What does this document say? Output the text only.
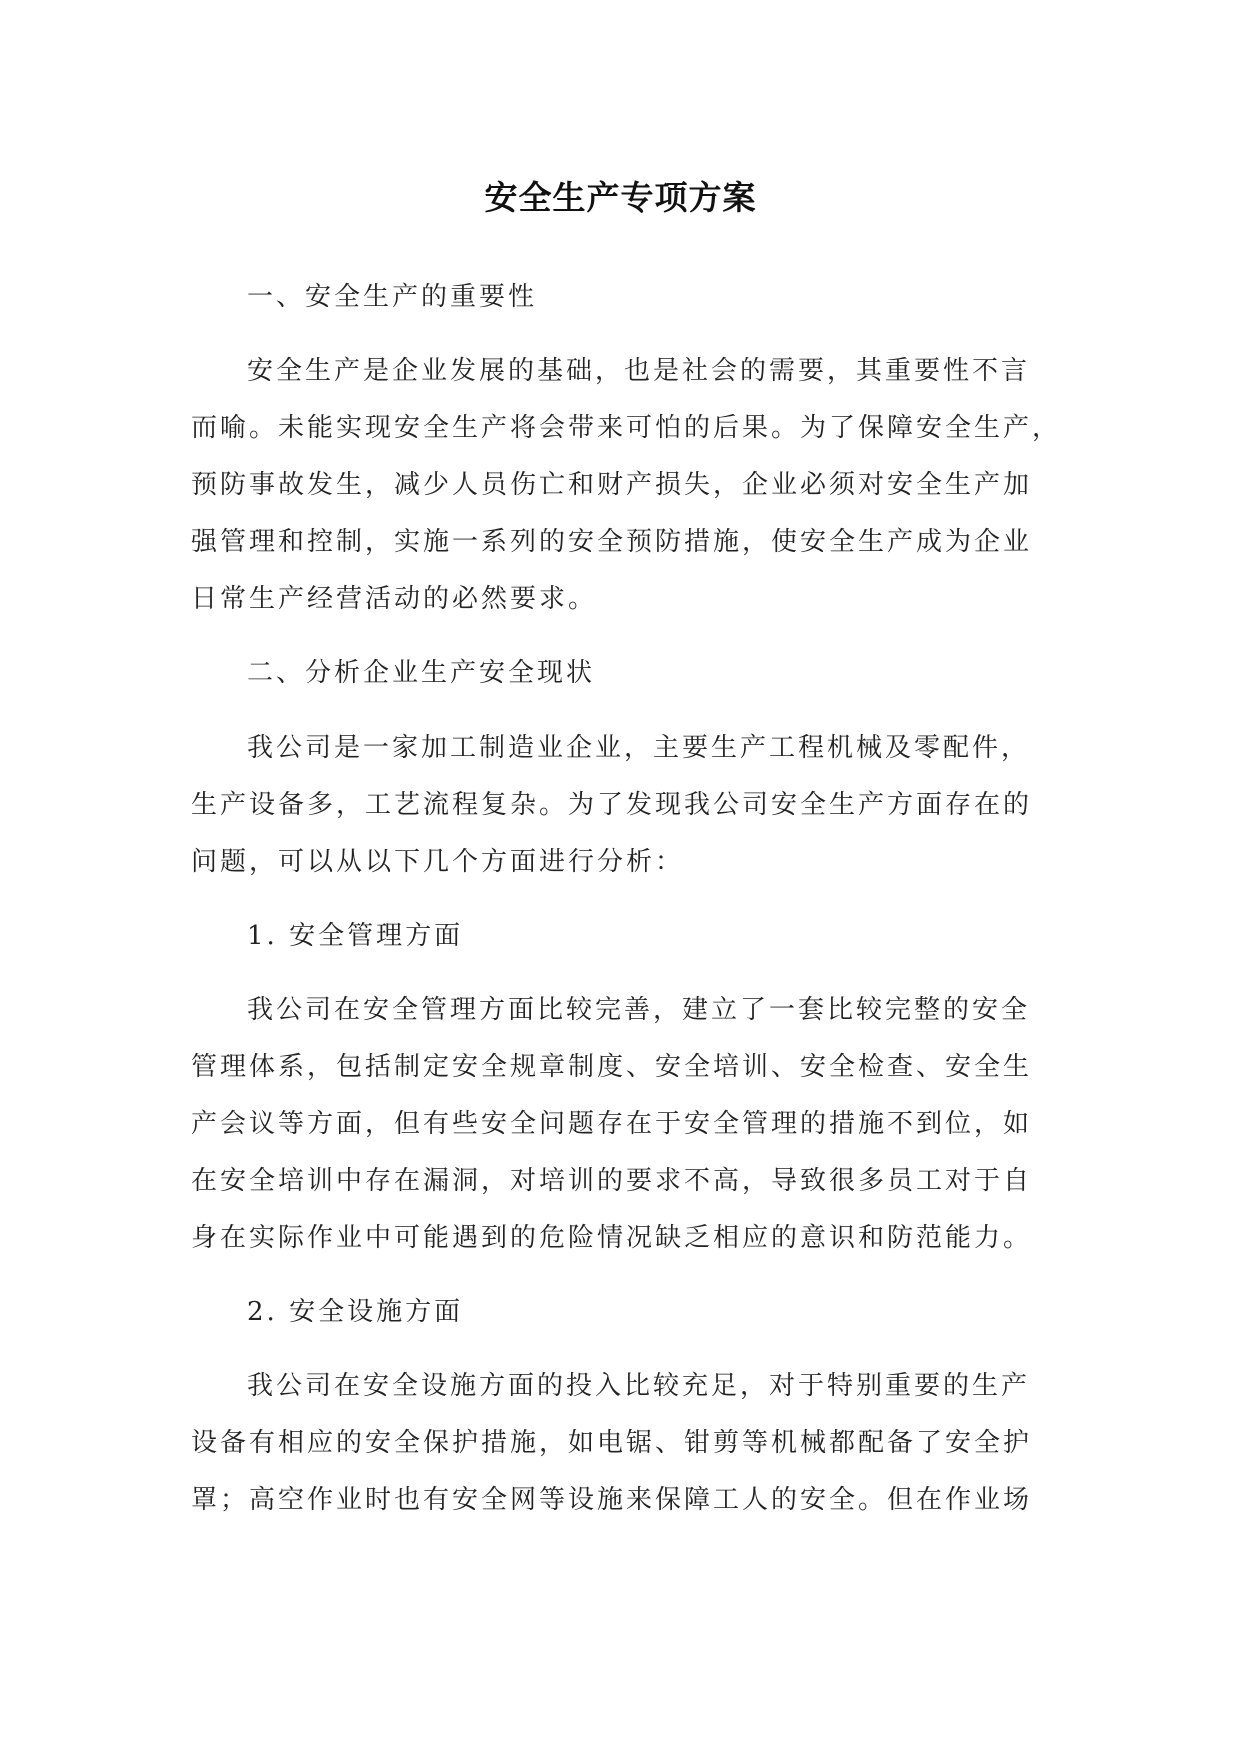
安全生产专项方案
一、安全生产的重要性
安全生产是企业发展的基础，也是社会的需要，其重要性不言
而喻。未能实现安全生产将会带来可怕的后果。为了保障安全生产，
预防事故发生，减少人员伤亡和财产损失，企业必须对安全生产加
强管理和控制，实施一系列的安全预防措施，使安全生产成为企业
日常生产经营活动的必然要求。
二、分析企业生产安全现状
我公司是一家加工制造业企业，主要生产工程机械及零配件，
生产设备多，工艺流程复杂。为了发现我公司安全生产方面存在的
问题，可以从以下几个方面进行分析：
1. 安全管理方面
我公司在安全管理方面比较完善，建立了一套比较完整的安全
管理体系，包括制定安全规章制度、安全培训、安全检查、安全生
产会议等方面，但有些安全问题存在于安全管理的措施不到位，如
在安全培训中存在漏洞，对培训的要求不高，导致很多员工对于自
身在实际作业中可能遇到的危险情况缺乏相应的意识和防范能力。
2. 安全设施方面
我公司在安全设施方面的投入比较充足，对于特别重要的生产
设备有相应的安全保护措施，如电锯、钳剪等机械都配备了安全护
罩；高空作业时也有安全网等设施来保障工人的安全。但在作业场
